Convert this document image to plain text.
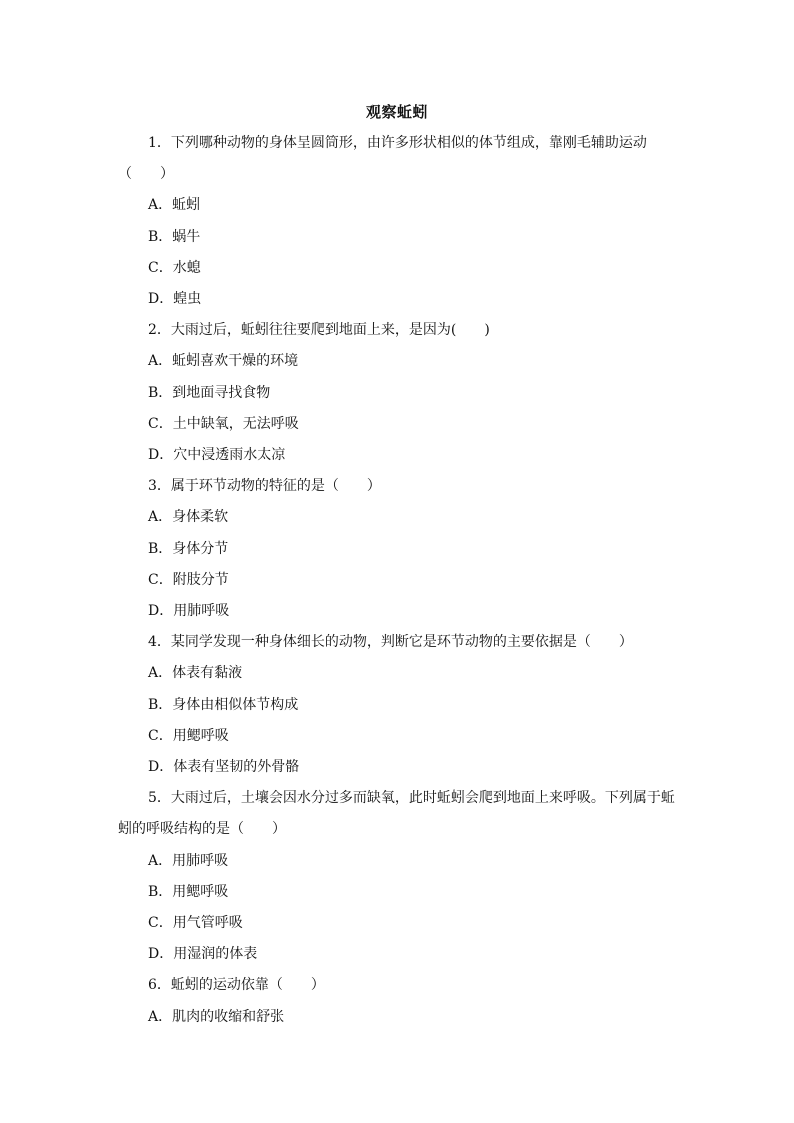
观察蚯蚓
1．下列哪种动物的身体呈圆筒形，由许多形状相似的体节组成，靠刚毛辅助运动
（　　）
A．蚯蚓
B．蜗牛
C．水螅
D．蝗虫
2．大雨过后，蚯蚓往往要爬到地面上来，是因为(　　)
A．蚯蚓喜欢干燥的环境
B．到地面寻找食物
C．土中缺氧，无法呼吸
D．穴中浸透雨水太凉
3．属于环节动物的特征的是（　　）
A．身体柔软
B．身体分节
C．附肢分节
D．用肺呼吸
4．某同学发现一种身体细长的动物，判断它是环节动物的主要依据是（　　）
A．体表有黏液
B．身体由相似体节构成
C．用鳃呼吸
D．体表有坚韧的外骨骼
5．大雨过后，土壤会因水分过多而缺氧，此时蚯蚓会爬到地面上来呼吸。下列属于蚯
蚓的呼吸结构的是（　　）
A．用肺呼吸
B．用鳃呼吸
C．用气管呼吸
D．用湿润的体表
6．蚯蚓的运动依靠（　　）
A．肌肉的收缩和舒张
